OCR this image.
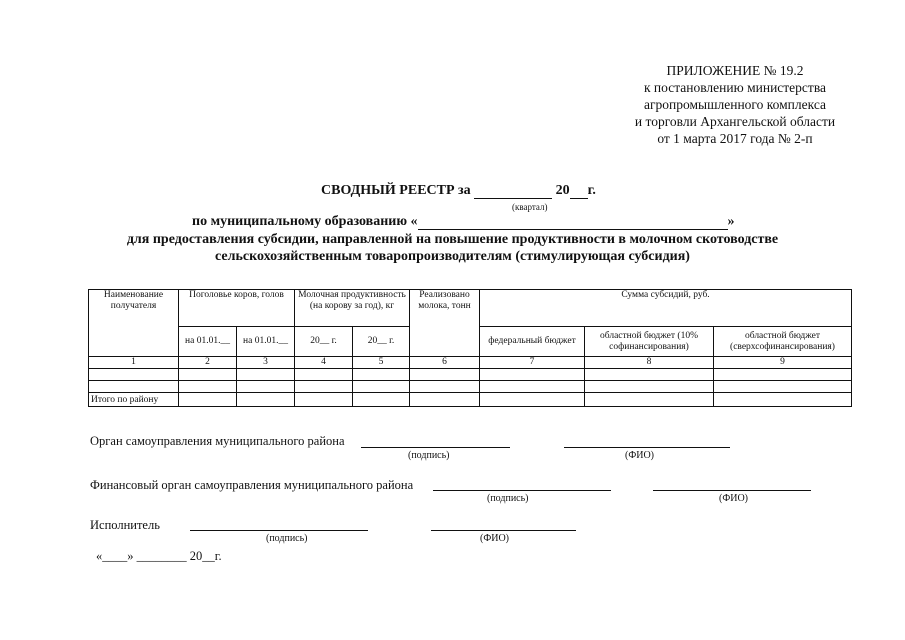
ПРИЛОЖЕНИЕ № 19.2
к постановлению министерства
агропромышленного комплекса
и торговли Архангельской области
от 1 марта 2017 года № 2-п
СВОДНЫЙ РЕЕСТР за	20 г.
(квартал)
по муниципальному образованию «	»
для предоставления субсидии, направленной на повышение продуктивности в молочном скотоводстве
сельскохозяйственным товаропроизводителям (стимулирующая субсидия)
Наименование получателя	Поголовье коров, голов		Молочная продуктивность (на корову за год), кг		Реализовано молока, тонн	Сумма субсидий, руб.		
	на 01.01.__	на 01.01.__	20__ г.	20__ г.		федеральный бюджет	областной бюджет (10% софинансирования)	областной бюджет (сверхсофинансирования)
1	2	3	4	5	6	7	8	9

Итого по району								
Орган самоуправления муниципального района
(подпись)	(ФИО)
Финансовый орган самоуправления муниципального района
(подпись)	(ФИО)
Исполнитель
(подпись)	(ФИО)
«____» ________ 20__г.
